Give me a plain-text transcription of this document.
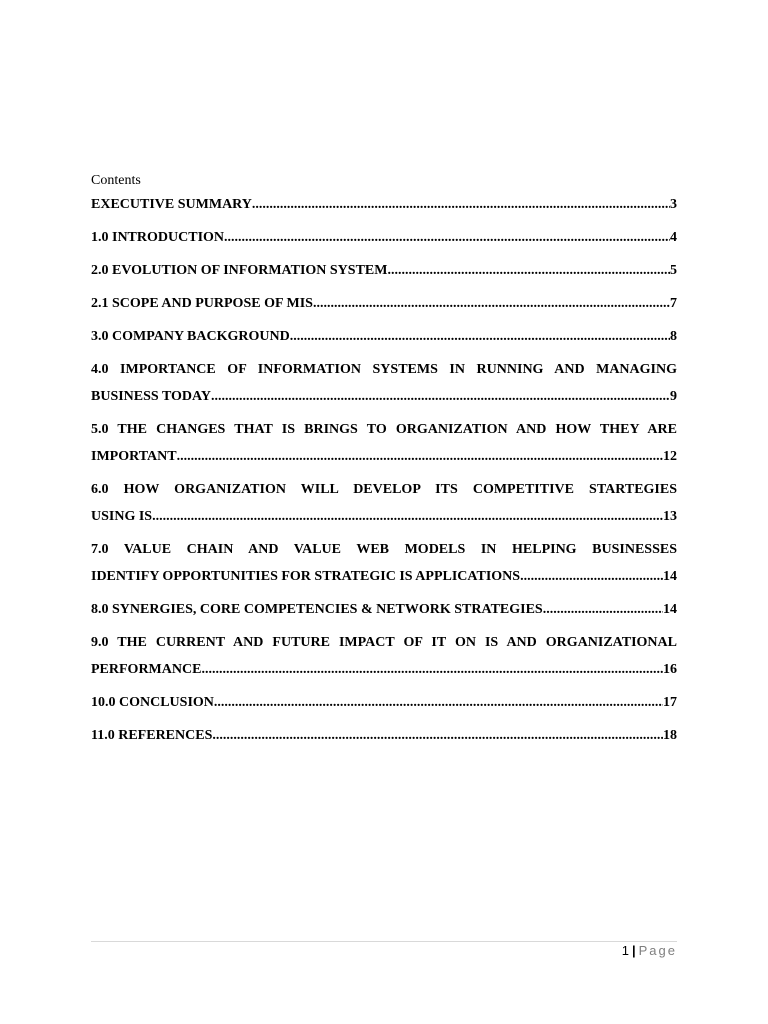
Contents
EXECUTIVE SUMMARY .....	3
1.0 INTRODUCTION .....	4
2.0 EVOLUTION OF INFORMATION SYSTEM .....	5
2.1 SCOPE AND PURPOSE OF MIS .....	7
3.0 COMPANY BACKGROUND .....	8
4.0 IMPORTANCE OF INFORMATION SYSTEMS IN RUNNING AND MANAGING
BUSINESS TODAY .....	9
5.0 THE CHANGES THAT IS BRINGS TO ORGANIZATION AND HOW THEY ARE
IMPORTANT .....	12
6.0 HOW ORGANIZATION WILL DEVELOP ITS COMPETITIVE STARTEGIES
USING IS .....	13
7.0 VALUE CHAIN AND VALUE WEB MODELS IN HELPING BUSINESSES
IDENTIFY OPPORTUNITIES FOR STRATEGIC IS APPLICATIONS .....	14
8.0 SYNERGIES, CORE COMPETENCIES & NETWORK STRATEGIES .....	14
9.0 THE CURRENT AND FUTURE IMPACT OF IT ON IS AND ORGANIZATIONAL
PERFORMANCE .....	16
10.0 CONCLUSION .....	17
11.0 REFERENCES .....	18
1 | Page
